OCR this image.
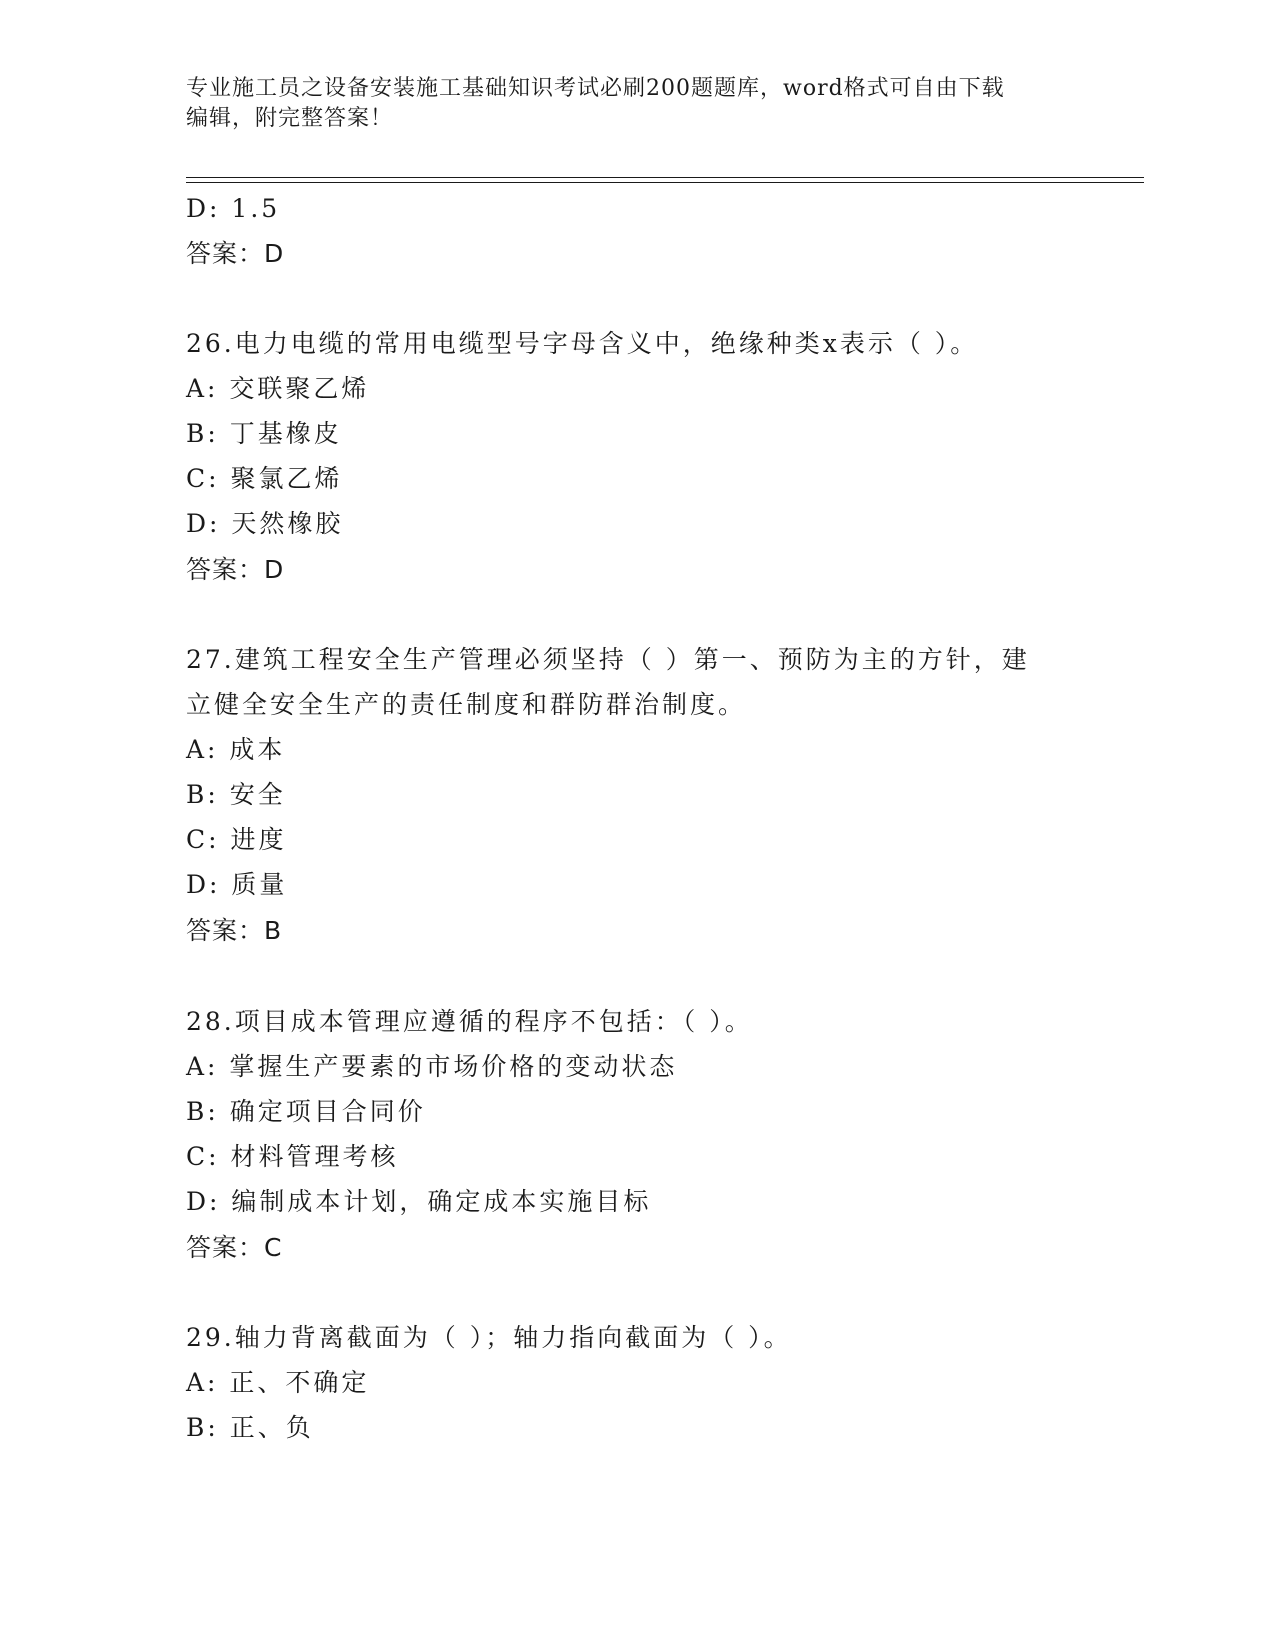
专业施工员之设备安装施工基础知识考试必刷200题题库，word格式可自由下载
编辑，附完整答案！
D: 1.5
答案：D
26.电力电缆的常用电缆型号字母含义中，绝缘种类x表示（ ）。
A: 交联聚乙烯
B: 丁基橡皮
C: 聚氯乙烯
D: 天然橡胶
答案：D
27.建筑工程安全生产管理必须坚持（ ）第一、预防为主的方针，建
立健全安全生产的责任制度和群防群治制度。
A: 成本
B: 安全
C: 进度
D: 质量
答案：B
28.项目成本管理应遵循的程序不包括：（ ）。
A: 掌握生产要素的市场价格的变动状态
B: 确定项目合同价
C: 材料管理考核
D: 编制成本计划，确定成本实施目标
答案：C
29.轴力背离截面为（ ）；轴力指向截面为（ ）。
A: 正、不确定
B: 正、负
